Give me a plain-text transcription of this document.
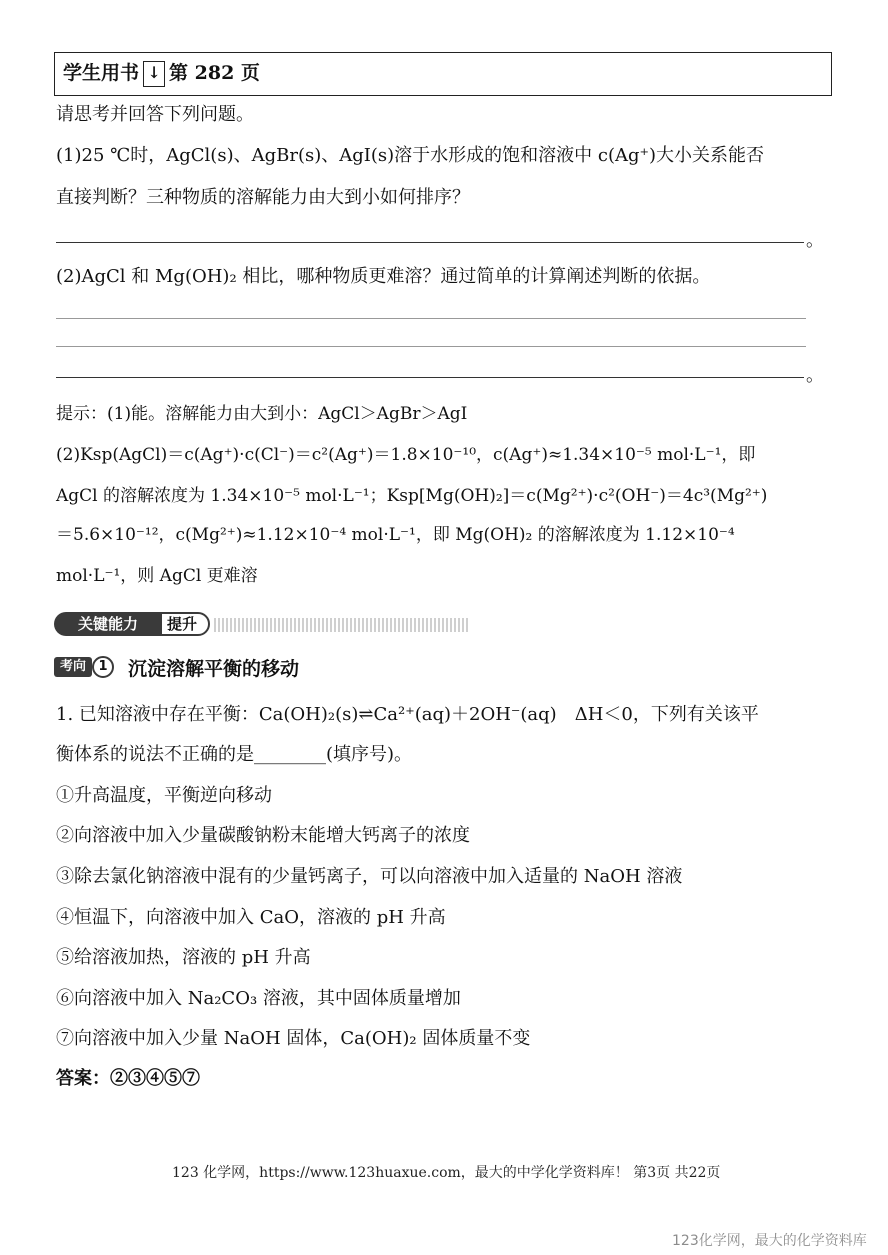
学生用书 ↓ 第 282 页
请思考并回答下列问题。
(1)25 ℃时，AgCl(s)、AgBr(s)、AgI(s)溶于水形成的饱和溶液中 c(Ag⁺)大小关系能否
直接判断？三种物质的溶解能力由大到小如何排序？
。
(2)AgCl 和 Mg(OH)₂ 相比，哪种物质更难溶？通过简单的计算阐述判断的依据。
。
提示：(1)能。溶解能力由大到小：AgCl＞AgBr＞AgI
(2)Ksp(AgCl)＝c(Ag⁺)·c(Cl⁻)＝c²(Ag⁺)＝1.8×10⁻¹⁰，c(Ag⁺)≈1.34×10⁻⁵ mol·L⁻¹，即
AgCl 的溶解浓度为 1.34×10⁻⁵ mol·L⁻¹；Ksp[Mg(OH)₂]＝c(Mg²⁺)·c²(OH⁻)＝4c³(Mg²⁺)
＝5.6×10⁻¹²，c(Mg²⁺)≈1.12×10⁻⁴ mol·L⁻¹，即 Mg(OH)₂ 的溶解浓度为 1.12×10⁻⁴
mol·L⁻¹，则 AgCl 更难溶
提升
关键能力
考向 1	沉淀溶解平衡的移动
1. 已知溶液中存在平衡：Ca(OH)₂(s)⇌Ca²⁺(aq)＋2OH⁻(aq)　ΔH＜0，下列有关该平
衡体系的说法不正确的是________(填序号)。
①升高温度，平衡逆向移动
②向溶液中加入少量碳酸钠粉末能增大钙离子的浓度
③除去氯化钠溶液中混有的少量钙离子，可以向溶液中加入适量的 NaOH 溶液
④恒温下，向溶液中加入 CaO，溶液的 pH 升高
⑤给溶液加热，溶液的 pH 升高
⑥向溶液中加入 Na₂CO₃ 溶液，其中固体质量增加
⑦向溶液中加入少量 NaOH 固体，Ca(OH)₂ 固体质量不变
答案：②③④⑤⑦
123 化学网，https://www.123huaxue.com，最大的中学化学资料库！ 第3页 共22页
123化学网，最大的化学资料库
